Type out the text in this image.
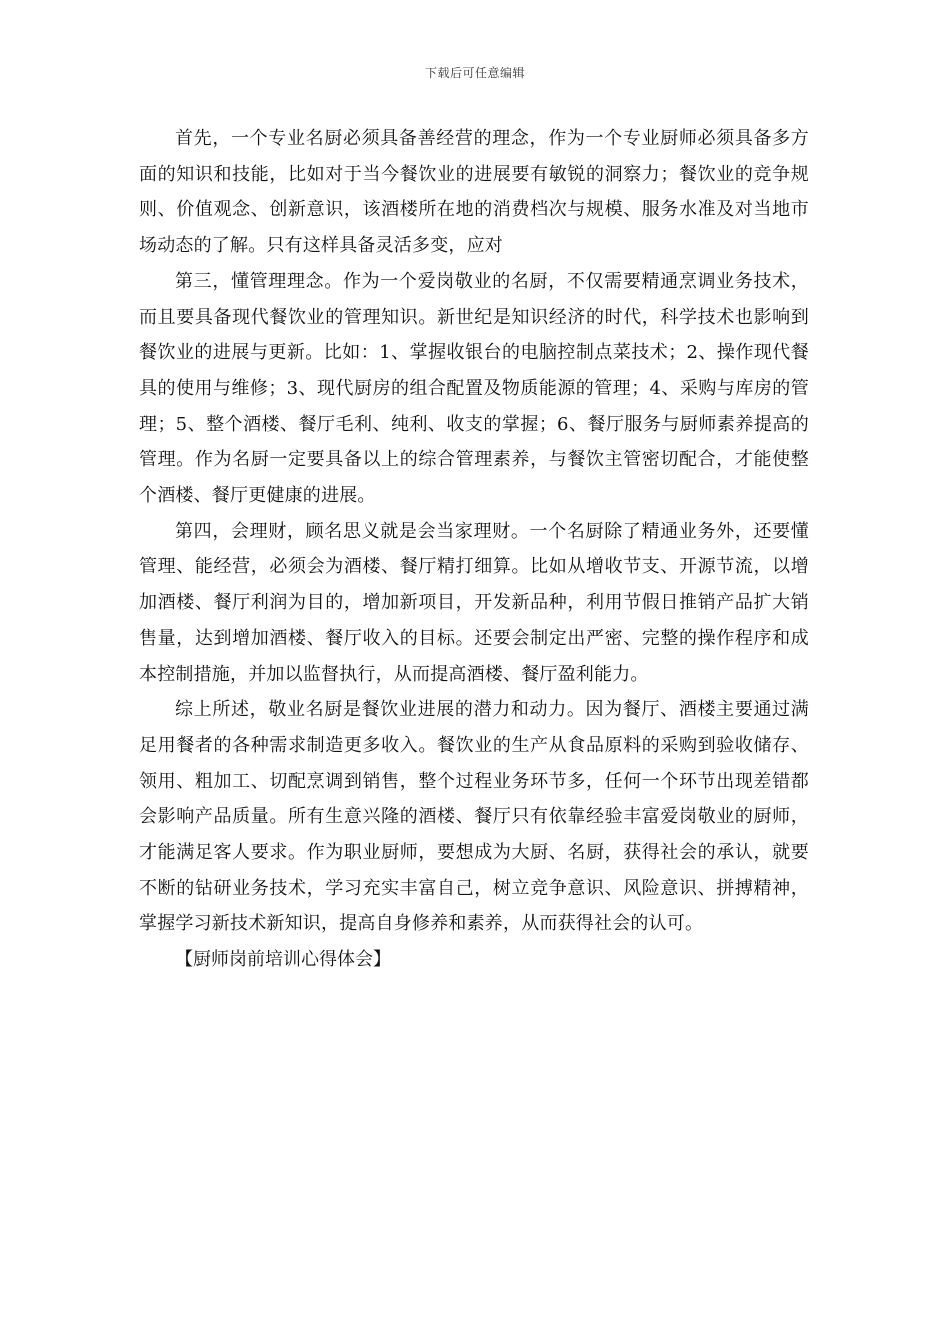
下载后可任意编辑

首先，一个专业名厨必须具备善经营的理念，作为一个专业厨师必须具备多方面的知识和技能，比如对于当今餐饮业的进展要有敏锐的洞察力；餐饮业的竞争规则、价值观念、创新意识，该酒楼所在地的消费档次与规模、服务水准及对当地市场动态的了解。只有这样具备灵活多变，应对

第三，懂管理理念。作为一个爱岗敬业的名厨，不仅需要精通烹调业务技术，而且要具备现代餐饮业的管理知识。新世纪是知识经济的时代，科学技术也影响到餐饮业的进展与更新。比如：1、掌握收银台的电脑控制点菜技术；2、操作现代餐具的使用与维修；3、现代厨房的组合配置及物质能源的管理；4、采购与库房的管理；5、整个酒楼、餐厅毛利、纯利、收支的掌握；6、餐厅服务与厨师素养提高的管理。作为名厨一定要具备以上的综合管理素养，与餐饮主管密切配合，才能使整个酒楼、餐厅更健康的进展。

第四，会理财，顾名思义就是会当家理财。一个名厨除了精通业务外，还要懂管理、能经营，必须会为酒楼、餐厅精打细算。比如从增收节支、开源节流，以增加酒楼、餐厅利润为目的，增加新项目，开发新品种，利用节假日推销产品扩大销售量，达到增加酒楼、餐厅收入的目标。还要会制定出严密、完整的操作程序和成本控制措施，并加以监督执行，从而提高酒楼、餐厅盈利能力。

综上所述，敬业名厨是餐饮业进展的潜力和动力。因为餐厅、酒楼主要通过满足用餐者的各种需求制造更多收入。餐饮业的生产从食品原料的采购到验收储存、领用、粗加工、切配烹调到销售，整个过程业务环节多，任何一个环节出现差错都会影响产品质量。所有生意兴隆的酒楼、餐厅只有依靠经验丰富爱岗敬业的厨师，才能满足客人要求。作为职业厨师，要想成为大厨、名厨，获得社会的承认，就要不断的钻研业务技术，学习充实丰富自己，树立竞争意识、风险意识、拼搏精神，掌握学习新技术新知识，提高自身修养和素养，从而获得社会的认可。

【厨师岗前培训心得体会】
